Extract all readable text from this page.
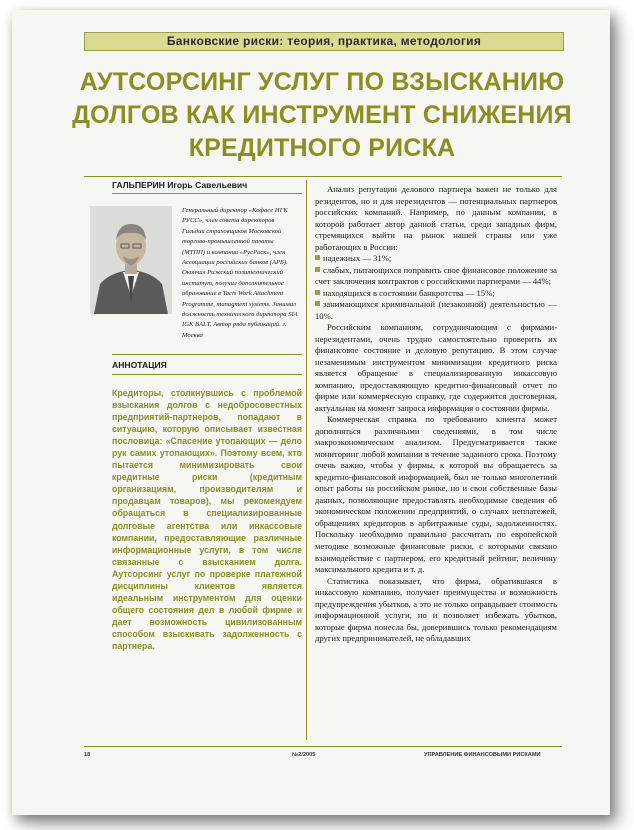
Банковские риски: теория, практика, методология
АУТСОРСИНГ УСЛУГ ПО ВЗЫСКАНИЮ ДОЛГОВ КАК ИНСТРУМЕНТ СНИЖЕНИЯ КРЕДИТНОГО РИСКА
ГАЛЬПЕРИН Игорь Савельевич
Генеральный директор «Кофасе ИГК РУСС», член совета директоров Гильдии страховщиков Московской торгово-промышленной палаты (МТПП) и компании «РусРиск», член Ассоциации российских банков (АРБ). Окончил Рижский политехнический институт, получил дополнительное образование в Tacis Work Attachment Programme, managment systems. Занимал должность технического директора SIA IGK BALT. Автор ряда публикаций. г. Москва
АННОТАЦИЯ
Кредиторы, столкнувшись с проблемой взыскания долгов с недобросовестных предприятий-партнеров, попадают в ситуацию, которую описывает известная пословица: «Спасение утопающих — дело рук самих утопающих». Поэтому всем, кто пытается минимизировать свои кредитные риски (кредитным организациям, производителям и продавцам товаров), мы рекомендуем обращаться в специализированные долговые агентства или инкассовые компании, предоставляющие различные информационные услуги, в том числе связанные с взысканием долга. Аутсорсинг услуг по проверке платежной дисциплины клиентов является идеальным инструментом для оценки общего состояния дел в любой фирме и дает возможность цивилизованным способом взыскивать задолженность с партнера.

Анализ репутации делового партнера важен не только для резидентов, но и для нерезидентов — потенциальных партнеров российских компаний. Например, по данным компании, в которой работает автор данной статьи, среди западных фирм, стремящихся выйти на рынок нашей страны или уже работающих в России:

надежных — 31%;

слабых, пытающихся поправить свое финансовое положение за счет заключения контрактов с российскими партнерами — 44%;

находящихся в состоянии банкротства — 15%;

занимающихся криминальной (незаконной) деятельностью — 10%.

Российским компаниям, сотрудничающим с фирмами-нерезидентами, очень трудно самостоятельно проверить их финансовое состояние и деловую репутацию. В этом случае незаменимым инструментом минимизации кредитного риска является обращение в специализированную инкассовую компанию, предоставляющую кредитно-финансовый отчет по фирме или коммерческую справку, где содержится достоверная, актуальная на момент запроса информация о состоянии фирмы.

Коммерческая справка по требованию клиента может дополняться различными сведениями, в том числе макроэкономическим анализом. Предусматривается также мониторинг любой компании в течение заданного срока. Поэтому очень важно, чтобы у фирмы, к которой вы обращаетесь за кредитно-финансовой информацией, был не только многолетний опыт работы на российском рынке, но и свои собственные базы данных, позволяющие предоставлять необходимые сведения об экономическом положении предприятий, о случаях неплатежей, обращениях кредиторов в арбитражные суды, задолженностях. Поскольку необходимо правильно рассчитать по европейской методике возможные финансовые риски, с которыми связано взаимодействие с партнером, его кредитный рейтинг, величину максимального кредита и т. д.

Статистика показывает, что фирма, обратившаяся в инкассовую компанию, получает преимущества и возможность предупреждения убытков, а это не только оправдывает стоимость информационной услуги, но и позволяет избежать убытков, которые фирма понесла бы, доверившись только рекомендациям других предпринимателей, не обладавших

18	№2/2005	УПРАВЛЕНИЕ ФИНАНСОВЫМИ РИСКАМИ
